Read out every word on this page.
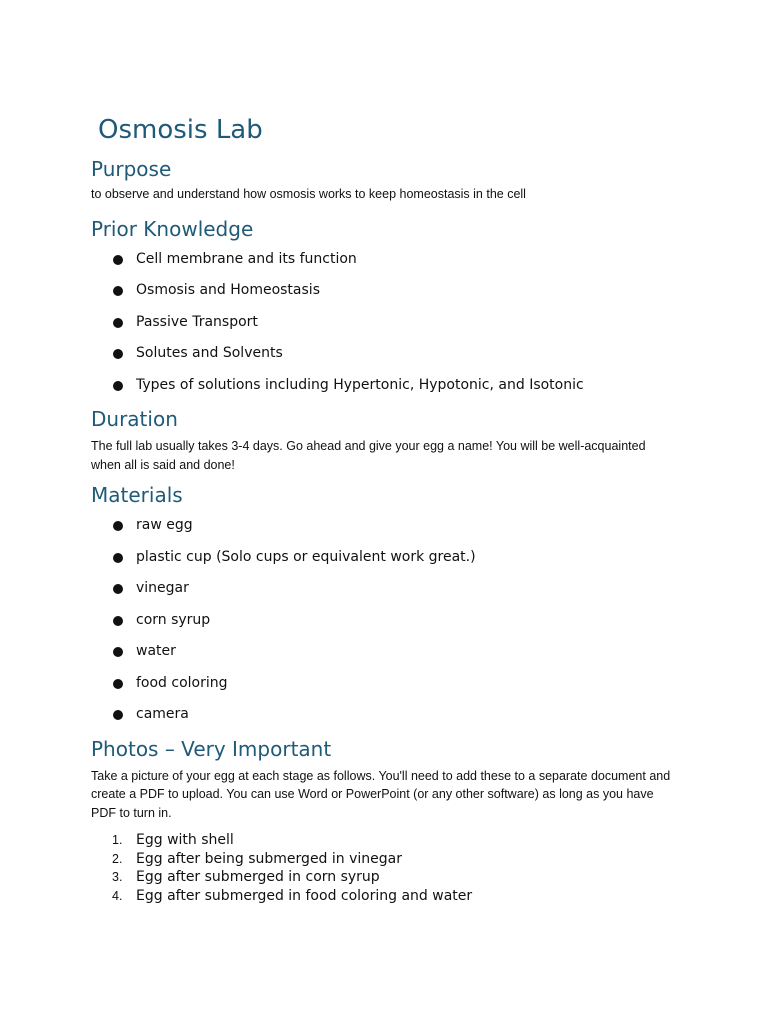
Osmosis Lab
Purpose

to observe and understand how osmosis works to keep homeostasis in the cell

Prior Knowledge
Cell membrane and its function
Osmosis and Homeostasis
Passive Transport
Solutes and Solvents
Types of solutions including Hypertonic, Hypotonic, and Isotonic
Duration

The full lab usually takes 3-4 days. Go ahead and give your egg a name! You will be well-acquainted
when all is said and done!

Materials
raw egg
plastic cup (Solo cups or equivalent work great.)
vinegar
corn syrup
water
food coloring
camera
Photos – Very Important

Take a picture of your egg at each stage as follows. You'll need to add these to a separate document and
create a PDF to upload. You can use Word or PowerPoint (or any other software) as long as you have
PDF to turn in.

1. Egg with shell
2. Egg after being submerged in vinegar
3. Egg after submerged in corn syrup
4. Egg after submerged in food coloring and water
